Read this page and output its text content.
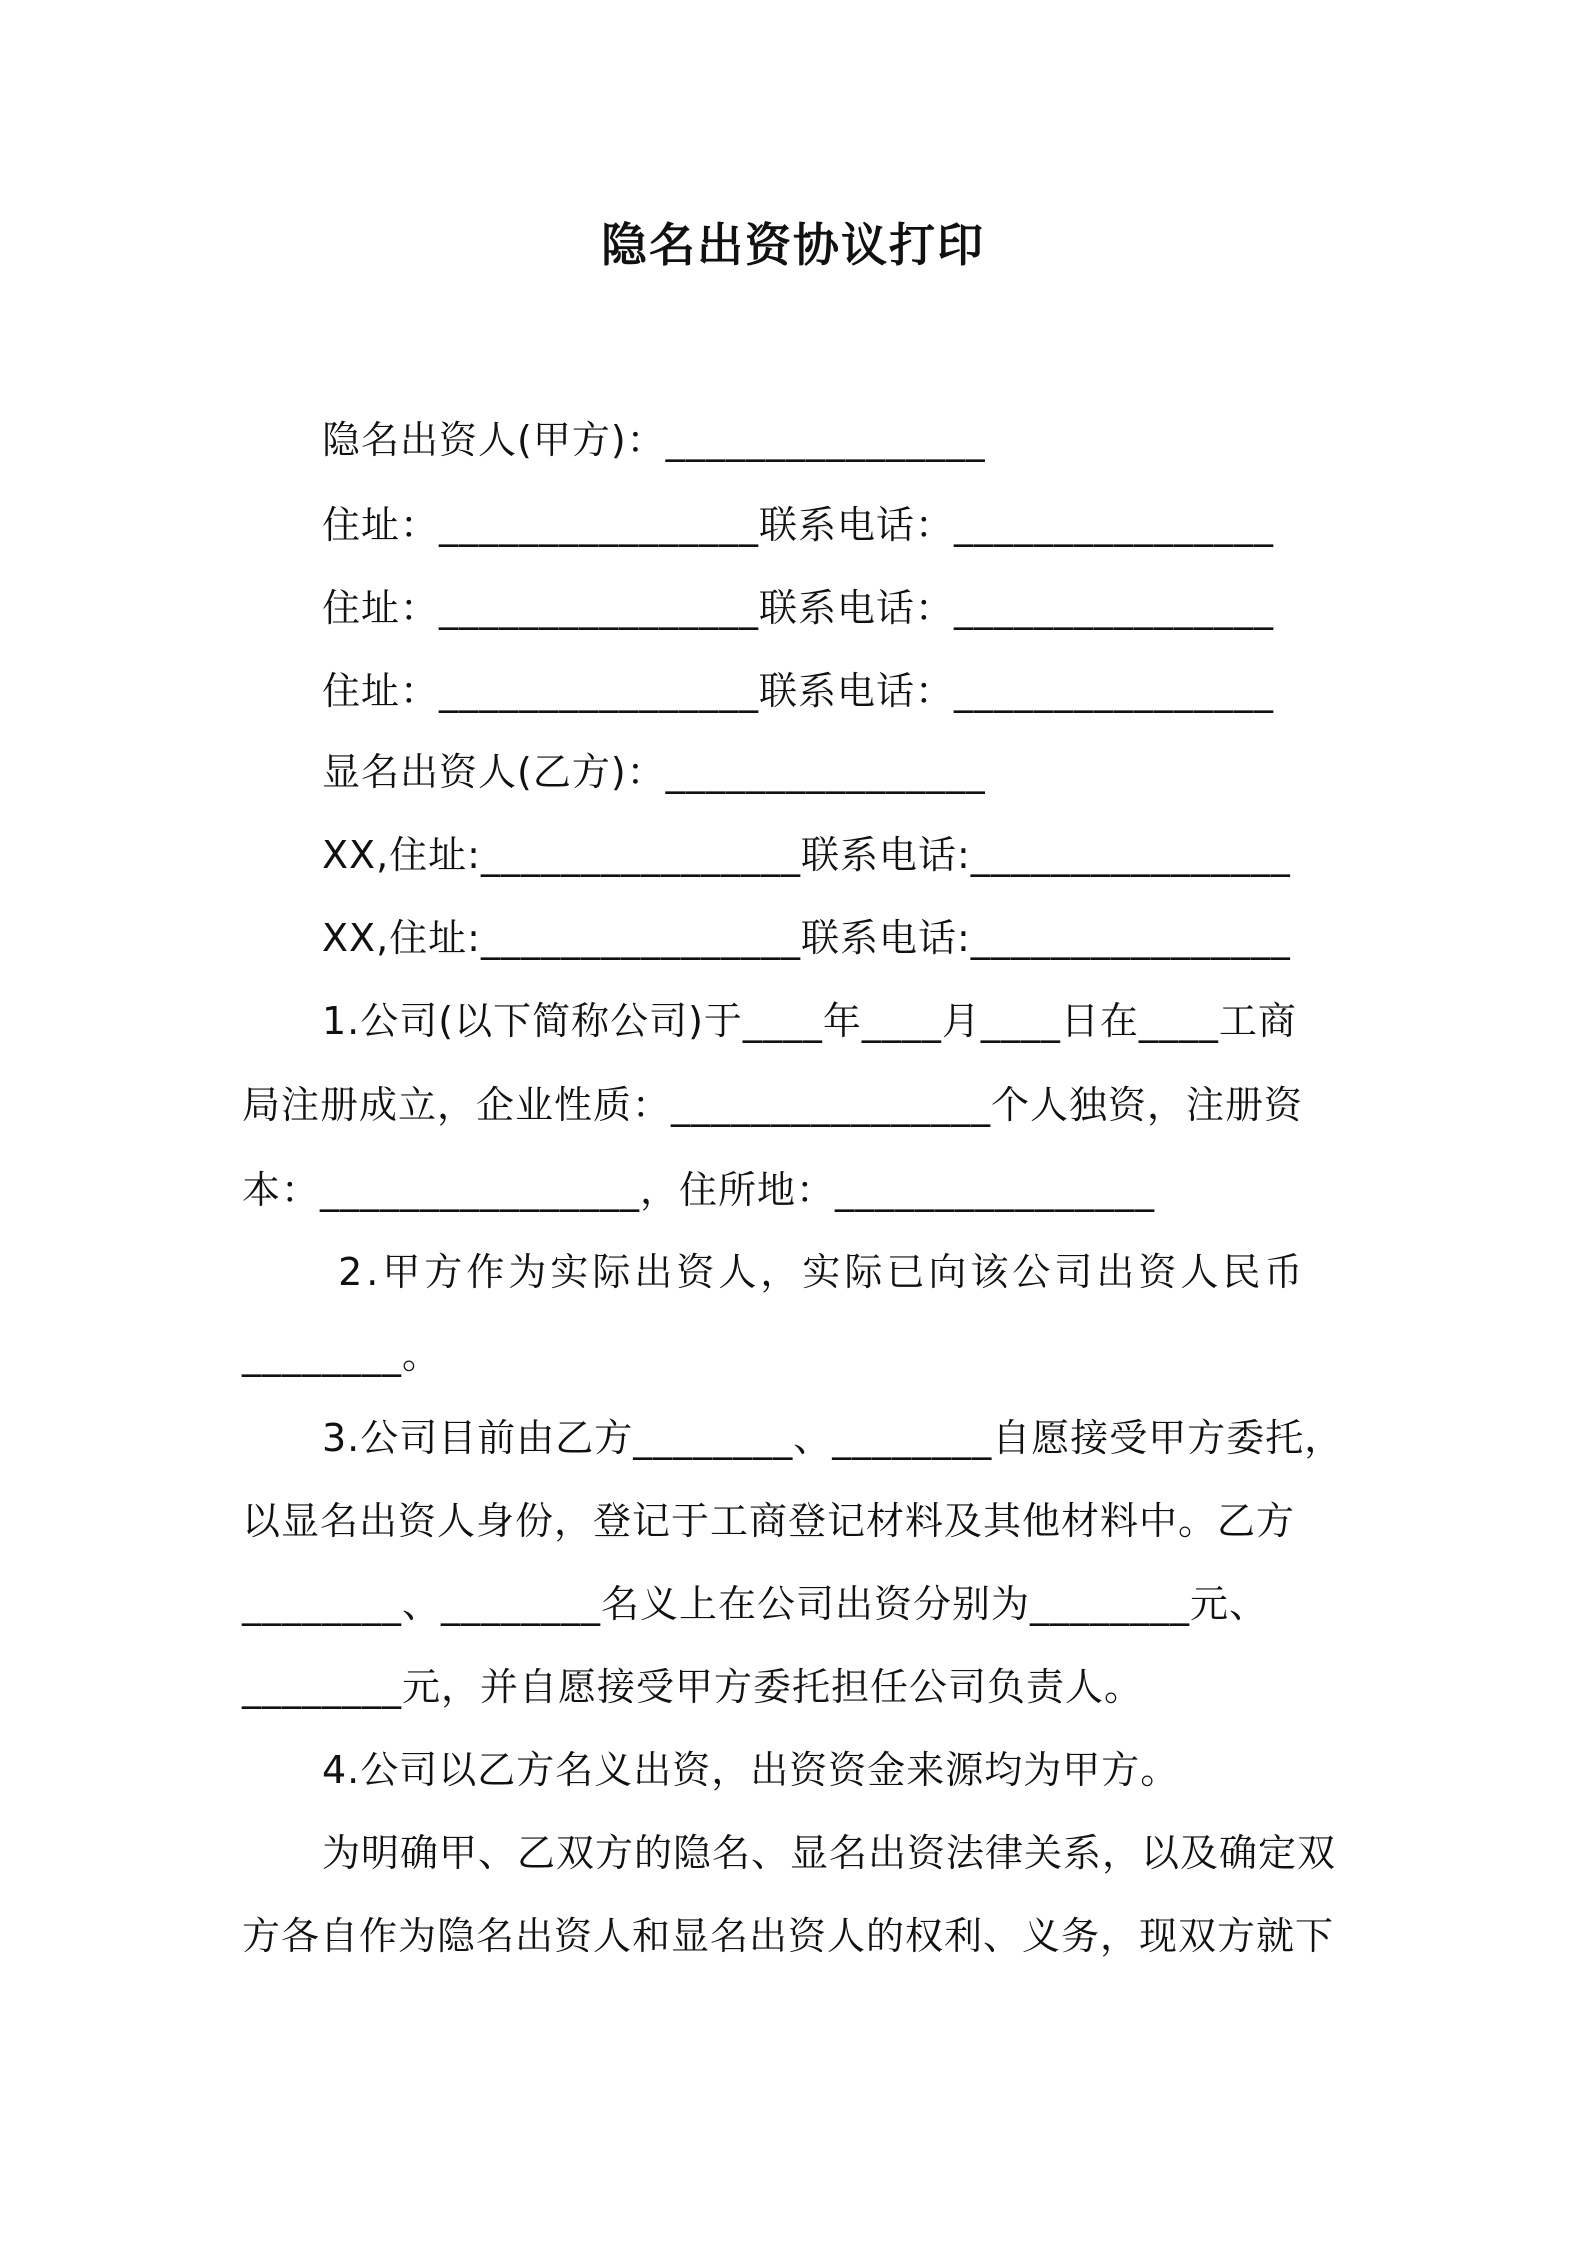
隐名出资协议打印
隐名出资人(甲方)：________________
住址：________________联系电话：________________
住址：________________联系电话：________________
住址：________________联系电话：________________
显名出资人(乙方)：________________
XX,住址:________________联系电话:________________
XX,住址:________________联系电话:________________
1.公司(以下简称公司)于____年____月____日在____工商
局注册成立，企业性质：________________个人独资，注册资
本：________________，住所地：________________
2.甲方作为实际出资人，实际已向该公司出资人民币
________。
3.公司目前由乙方________、________自愿接受甲方委托，
以显名出资人身份，登记于工商登记材料及其他材料中。乙方
________、________名义上在公司出资分别为________元、
________元，并自愿接受甲方委托担任公司负责人。
4.公司以乙方名义出资，出资资金来源均为甲方。
为明确甲、乙双方的隐名、显名出资法律关系，以及确定双
方各自作为隐名出资人和显名出资人的权利、义务，现双方就下
